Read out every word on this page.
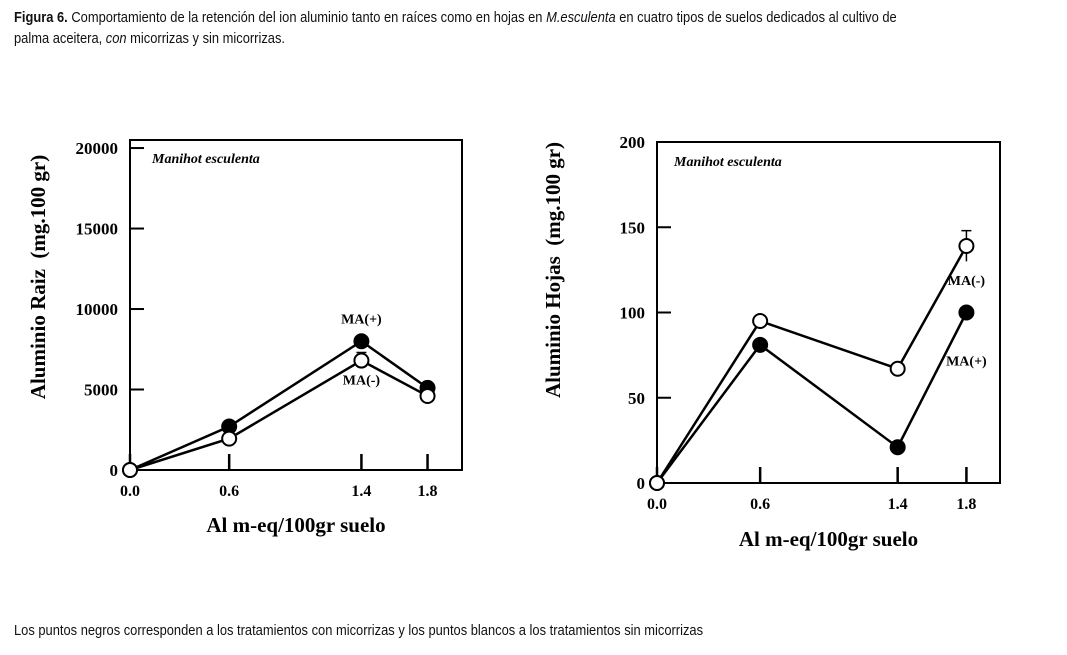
Figura 6. Comportamiento de la retención del ion aluminio tanto en raíces como en hojas en M.esculenta en cuatro tipos de suelos dedicados al cultivo de palma aceitera, con micorrizas y sin micorrizas.
0
5000
10000
15000
20000
0.0	0.6	1.4	1.8
Al m-eq/100gr suelo
Aluminio Raiz  (mg.100 gr)	Manihot esculenta
MA(+)
MA(-)
0
50
100
150
200
0.0	0.6	1.4	1.8
Al m-eq/100gr suelo
Aluminio Hojas  (mg.100 gr)	Manihot esculenta
MA(+)
MA(-)
Los puntos negros corresponden a los tratamientos con micorrizas y los puntos blancos a los tratamientos sin micorrizas
